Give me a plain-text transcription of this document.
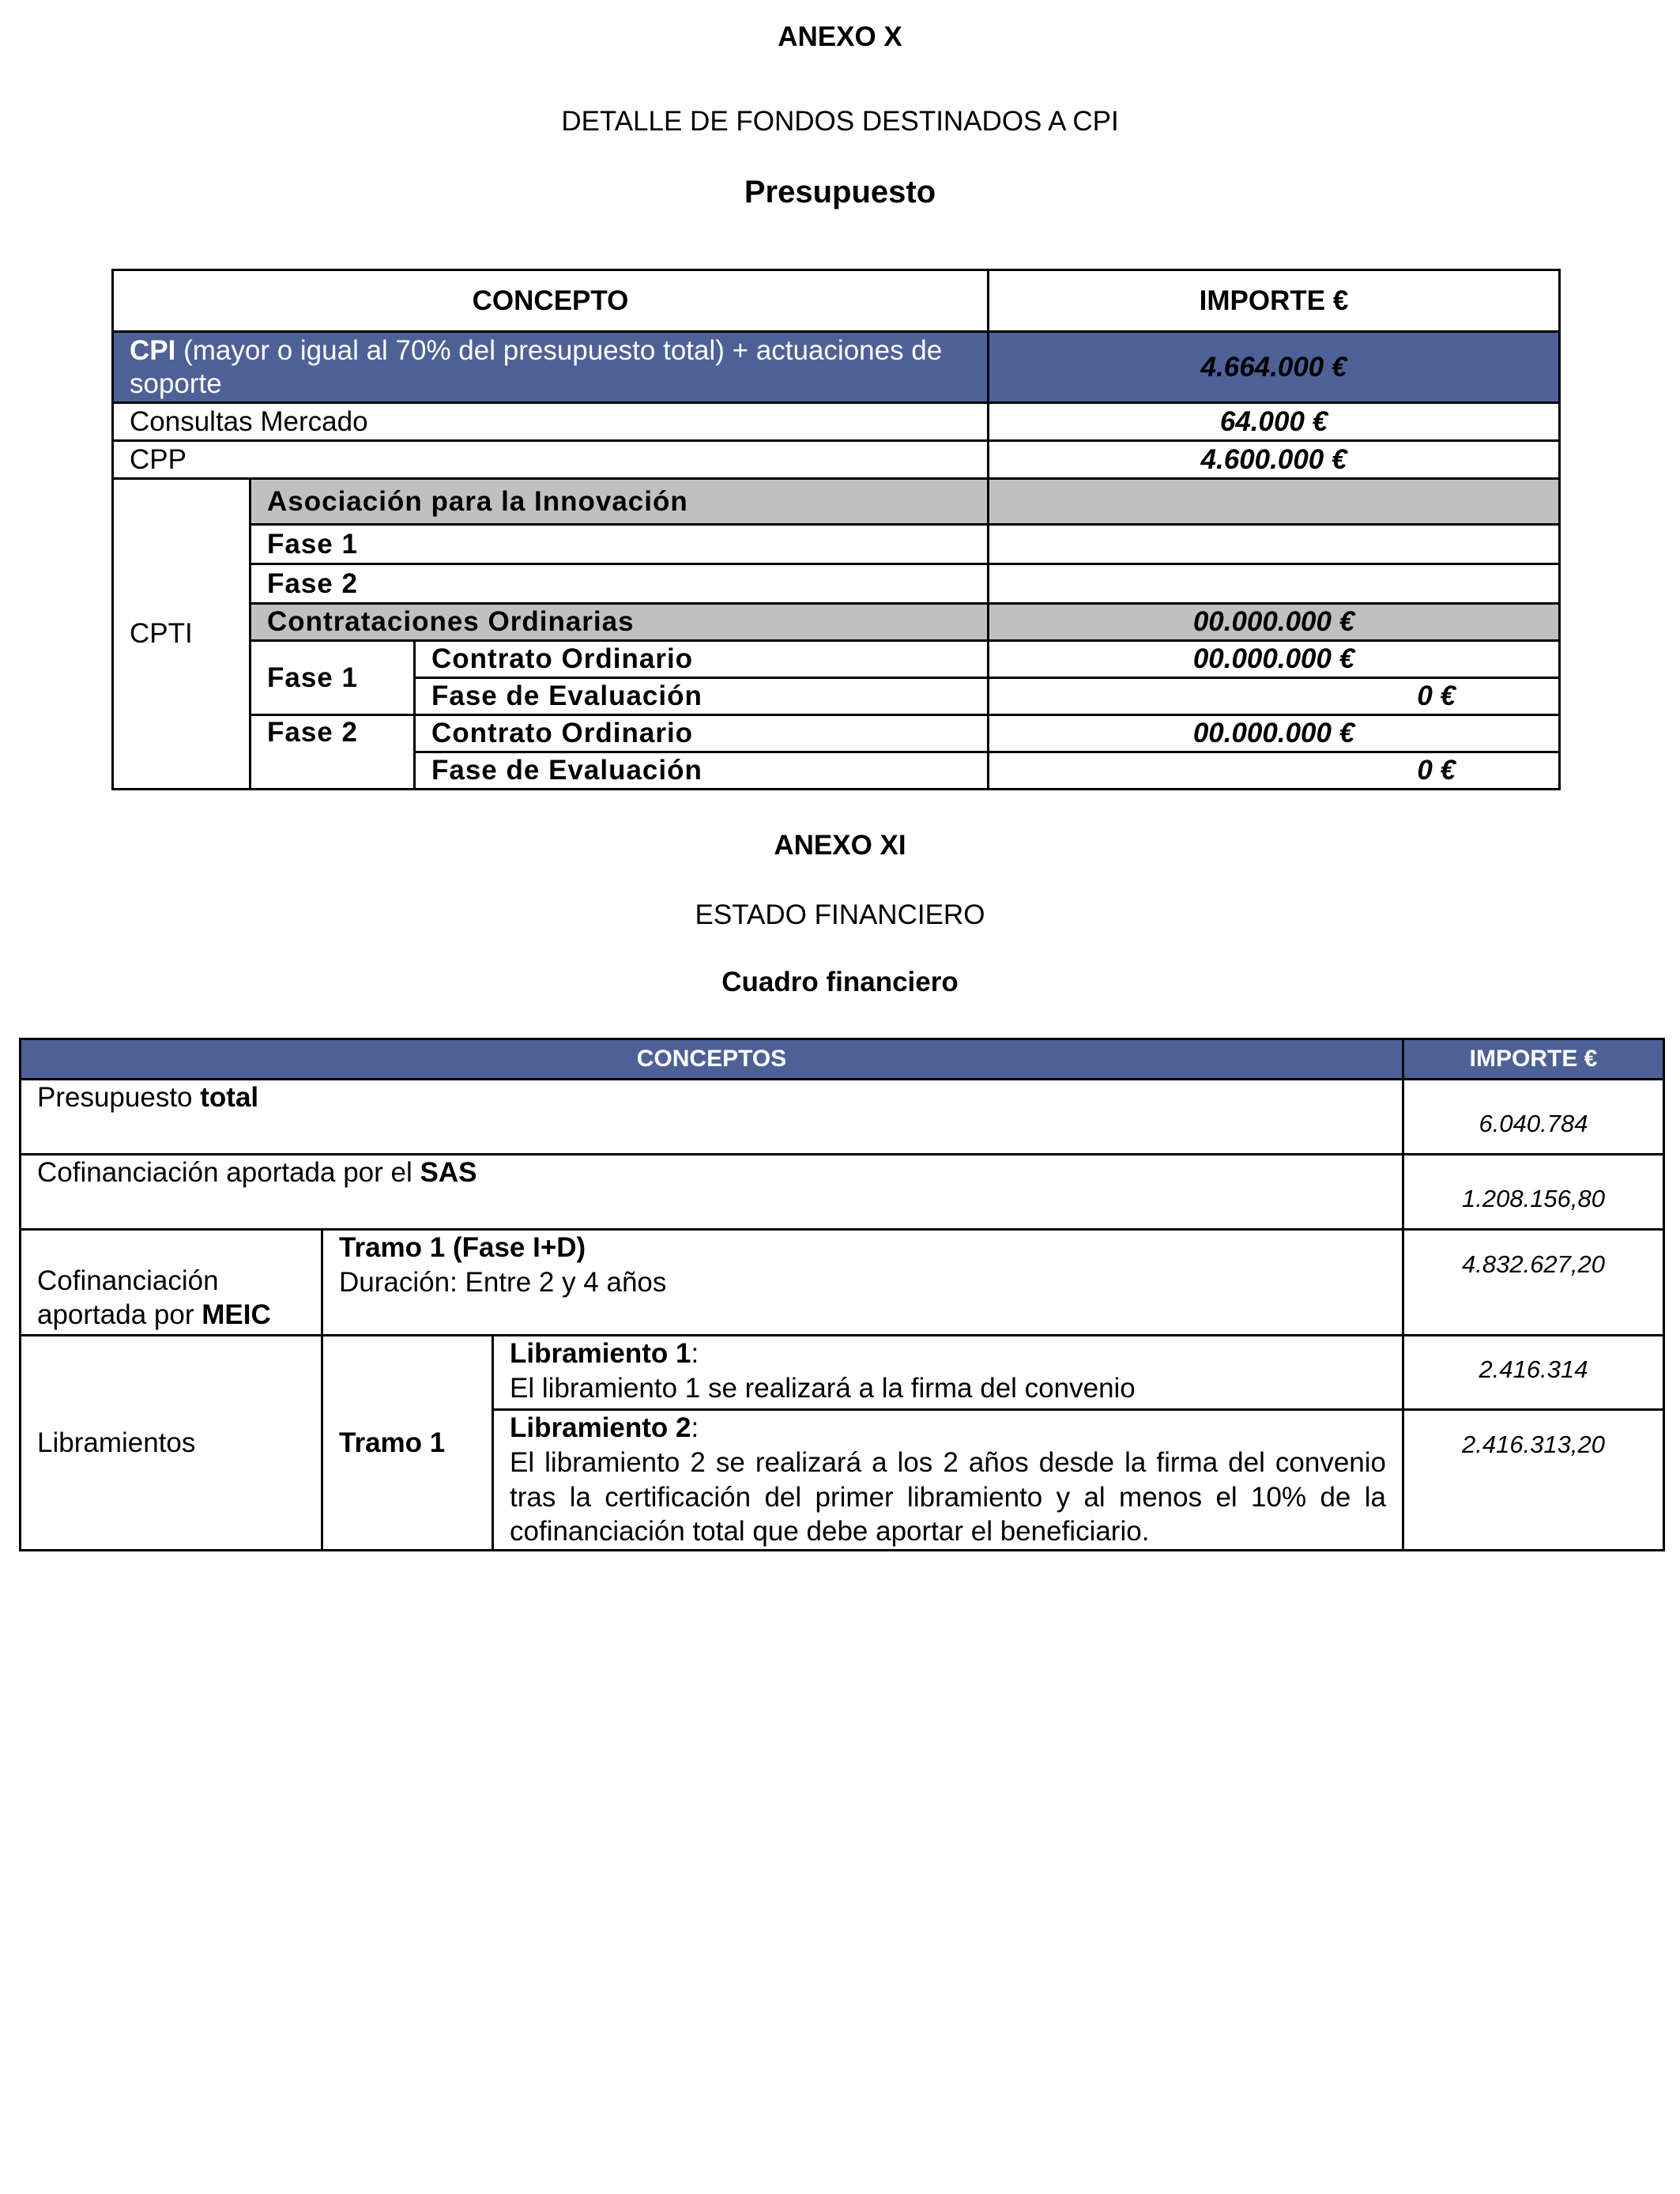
ANEXO X
DETALLE DE FONDOS DESTINADOS A CPI
Presupuesto
CONCEPTO			IMPORTE €
CPI (mayor o igual al 70% del presupuesto total) + actuaciones de soporte			4.664.000 €
Consultas Mercado			64.000 €
CPP			4.600.000 €
CPTI	Asociación para la Innovación		
	Fase 1		
	Fase 2		
	Contrataciones Ordinarias		00.000.000 €
	Fase 1	Contrato Ordinario	00.000.000 €
		Fase de Evaluación	0 €
	Fase 2	Contrato Ordinario	00.000.000 €
		Fase de Evaluación	0 €
ANEXO XI
ESTADO FINANCIERO
Cuadro financiero
CONCEPTOS			IMPORTE €
Presupuesto total			6.040.784
Cofinanciación aportada por el SAS			1.208.156,80
Cofinanciación aportada por MEIC	Tramo 1 (Fase I+D)
Duración: Entre 2 y 4 años		4.832.627,20
Libramientos	Tramo 1	Libramiento 1:
El libramiento 1 se realizará a la firma del convenio	2.416.314
		Libramiento 2:
El libramiento 2 se realizará a los 2 años desde la firma del convenio tras la certificación del primer libramiento y al menos el 10% de la cofinanciación total que debe aportar el beneficiario.	2.416.313,20
